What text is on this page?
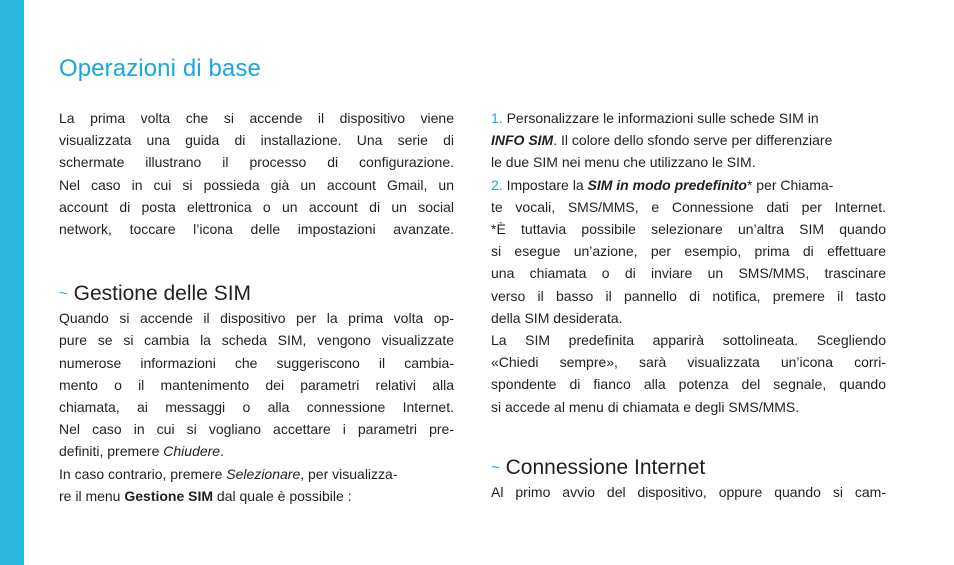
Operazioni di base
La prima volta che si accende il dispositivo viene
visualizzata una guida di installazione. Una serie di
schermate illustrano il processo di configurazione.
Nel caso in cui si possieda già un account Gmail, un
account di posta elettronica o un account di un social
network, toccare l’icona delle impostazioni avanzate.
~ Gestione delle SIM
Quando si accende il dispositivo per la prima volta op-
pure se si cambia la scheda SIM, vengono visualizzate
numerose informazioni che suggeriscono il cambia-
mento o il mantenimento dei parametri relativi alla
chiamata, ai messaggi o alla connessione Internet.
Nel caso in cui si vogliano accettare i parametri pre-
definiti, premere Chiudere.
In caso contrario, premere Selezionare, per visualizza-
re il menu Gestione SIM dal quale è possibile :
1. Personalizzare le informazioni sulle schede SIM in
INFO SIM. Il colore dello sfondo serve per differenziare
le due SIM nei menu che utilizzano le SIM.
2. Impostare la SIM in modo predefinito* per Chiama-
te vocali, SMS/MMS, e Connessione dati per Internet.
*È tuttavia possibile selezionare un’altra SIM quando
si esegue un’azione, per esempio, prima di effettuare
una chiamata o di inviare un SMS/MMS, trascinare
verso il basso il pannello di notifica, premere il tasto
della SIM desiderata.
La SIM predefinita apparirà sottolineata. Scegliendo
«Chiedi sempre», sarà visualizzata un’icona corri-
spondente di fianco alla potenza del segnale, quando
si accede al menu di chiamata e degli SMS/MMS.
~ Connessione Internet
Al primo avvio del dispositivo, oppure quando si cam-
